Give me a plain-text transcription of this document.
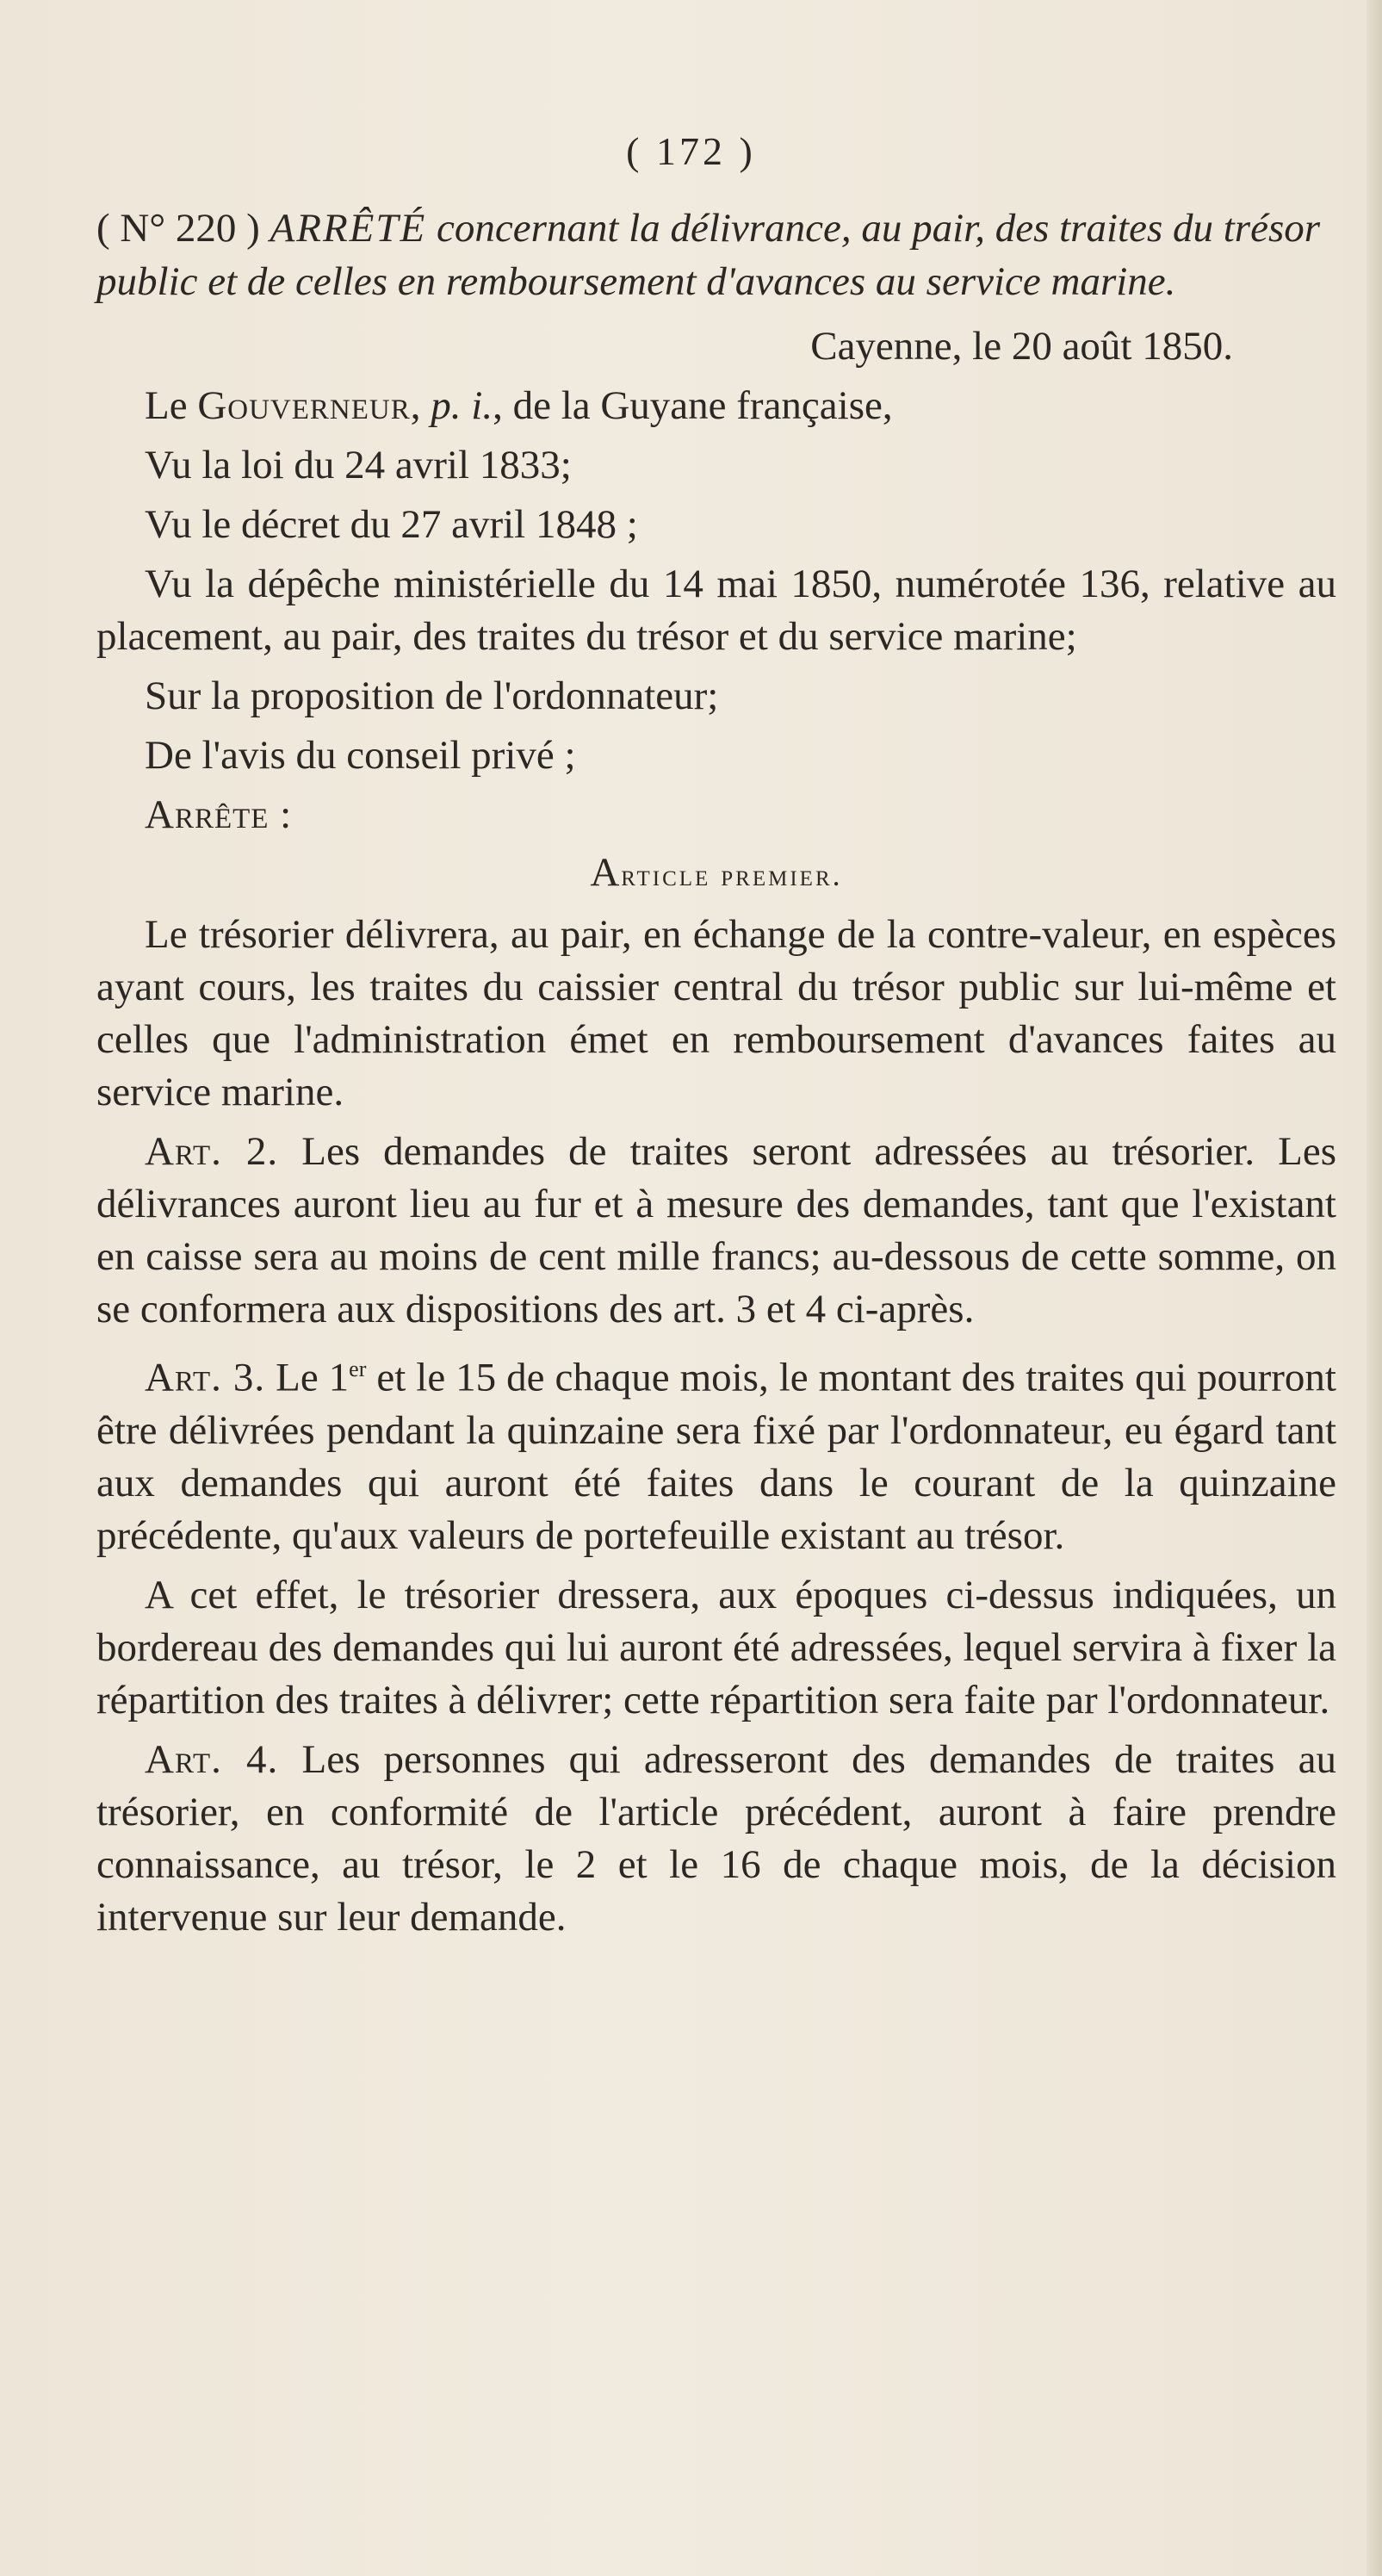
( 172 )
( N° 220 ) ARRÊTÉ concernant la délivrance, au pair, des traites du trésor public et de celles en remboursement d'avances au service marine.
Cayenne, le 20 août 1850.

Le Gouverneur, p. i., de la Guyane française,

Vu la loi du 24 avril 1833;

Vu le décret du 27 avril 1848 ;

Vu la dépêche ministérielle du 14 mai 1850, numérotée 136, relative au placement, au pair, des traites du trésor et du service marine;

Sur la proposition de l'ordonnateur;

De l'avis du conseil privé ;

Arrête :

Article premier.

Le trésorier délivrera, au pair, en échange de la contre-valeur, en espèces ayant cours, les traites du caissier central du trésor public sur lui-même et celles que l'administration émet en remboursement d'avances faites au service marine.

Art. 2. Les demandes de traites seront adressées au trésorier. Les délivrances auront lieu au fur et à mesure des demandes, tant que l'existant en caisse sera au moins de cent mille francs; au-dessous de cette somme, on se conformera aux dispositions des art. 3 et 4 ci-après.

Art. 3. Le 1er et le 15 de chaque mois, le montant des traites qui pourront être délivrées pendant la quinzaine sera fixé par l'ordonnateur, eu égard tant aux demandes qui auront été faites dans le courant de la quinzaine précédente, qu'aux valeurs de portefeuille existant au trésor.

A cet effet, le trésorier dressera, aux époques ci-dessus indiquées, un bordereau des demandes qui lui auront été adressées, lequel servira à fixer la répartition des traites à délivrer; cette répartition sera faite par l'ordonnateur.

Art. 4. Les personnes qui adresseront des demandes de traites au trésorier, en conformité de l'article précédent, auront à faire prendre connaissance, au trésor, le 2 et le 16 de chaque mois, de la décision intervenue sur leur demande.
